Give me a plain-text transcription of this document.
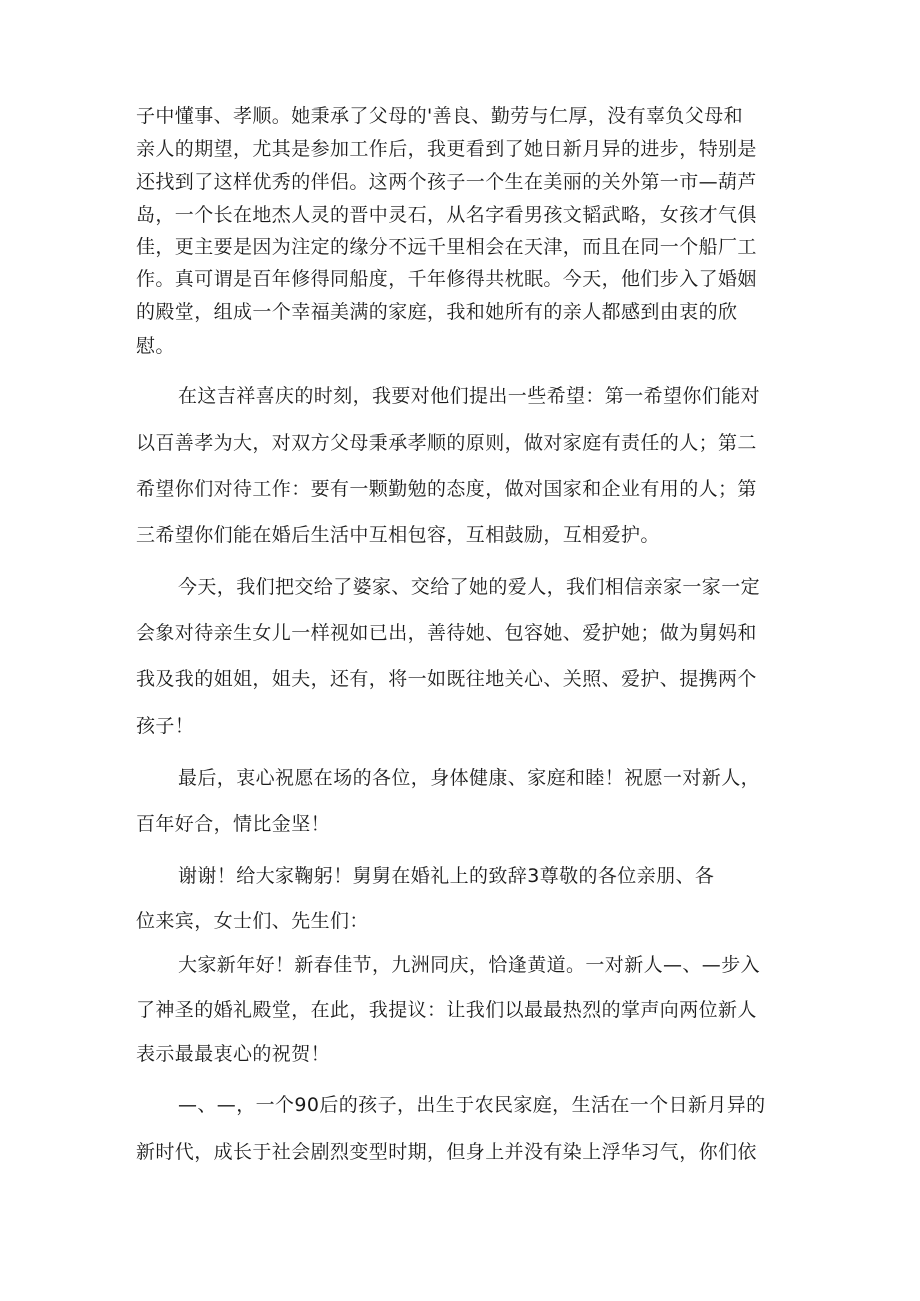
子中懂事、孝顺。她秉承了父母的'善良、勤劳与仁厚，没有辜负父母和
亲人的期望，尤其是参加工作后，我更看到了她日新月异的进步，特别是
还找到了这样优秀的伴侣。这两个孩子一个生在美丽的关外第一市—葫芦
岛，一个长在地杰人灵的晋中灵石，从名字看男孩文韬武略，女孩才气俱
佳，更主要是因为注定的缘分不远千里相会在天津，而且在同一个船厂工
作。真可谓是百年修得同船度，千年修得共枕眠。今天，他们步入了婚姻
的殿堂，组成一个幸福美满的家庭，我和她所有的亲人都感到由衷的欣
慰。
在这吉祥喜庆的时刻，我要对他们提出一些希望：第一希望你们能对
以百善孝为大，对双方父母秉承孝顺的原则，做对家庭有责任的人；第二
希望你们对待工作：要有一颗勤勉的态度，做对国家和企业有用的人；第
三希望你们能在婚后生活中互相包容，互相鼓励，互相爱护。
今天，我们把交给了婆家、交给了她的爱人，我们相信亲家一家一定
会象对待亲生女儿一样视如已出，善待她、包容她、爱护她；做为舅妈和
我及我的姐姐，姐夫，还有，将一如既往地关心、关照、爱护、提携两个
孩子！
最后，衷心祝愿在场的各位，身体健康、家庭和睦！祝愿一对新人，
百年好合，情比金坚！
谢谢！给大家鞠躬！舅舅在婚礼上的致辞3尊敬的各位亲朋、各
位来宾，女士们、先生们：
大家新年好！新春佳节，九洲同庆，恰逢黄道。一对新人—、—步入
了神圣的婚礼殿堂，在此，我提议：让我们以最最热烈的掌声向两位新人
表示最最衷心的祝贺！
—、—，一个90后的孩子，出生于农民家庭，生活在一个日新月异的
新时代，成长于社会剧烈变型时期，但身上并没有染上浮华习气，你们依
